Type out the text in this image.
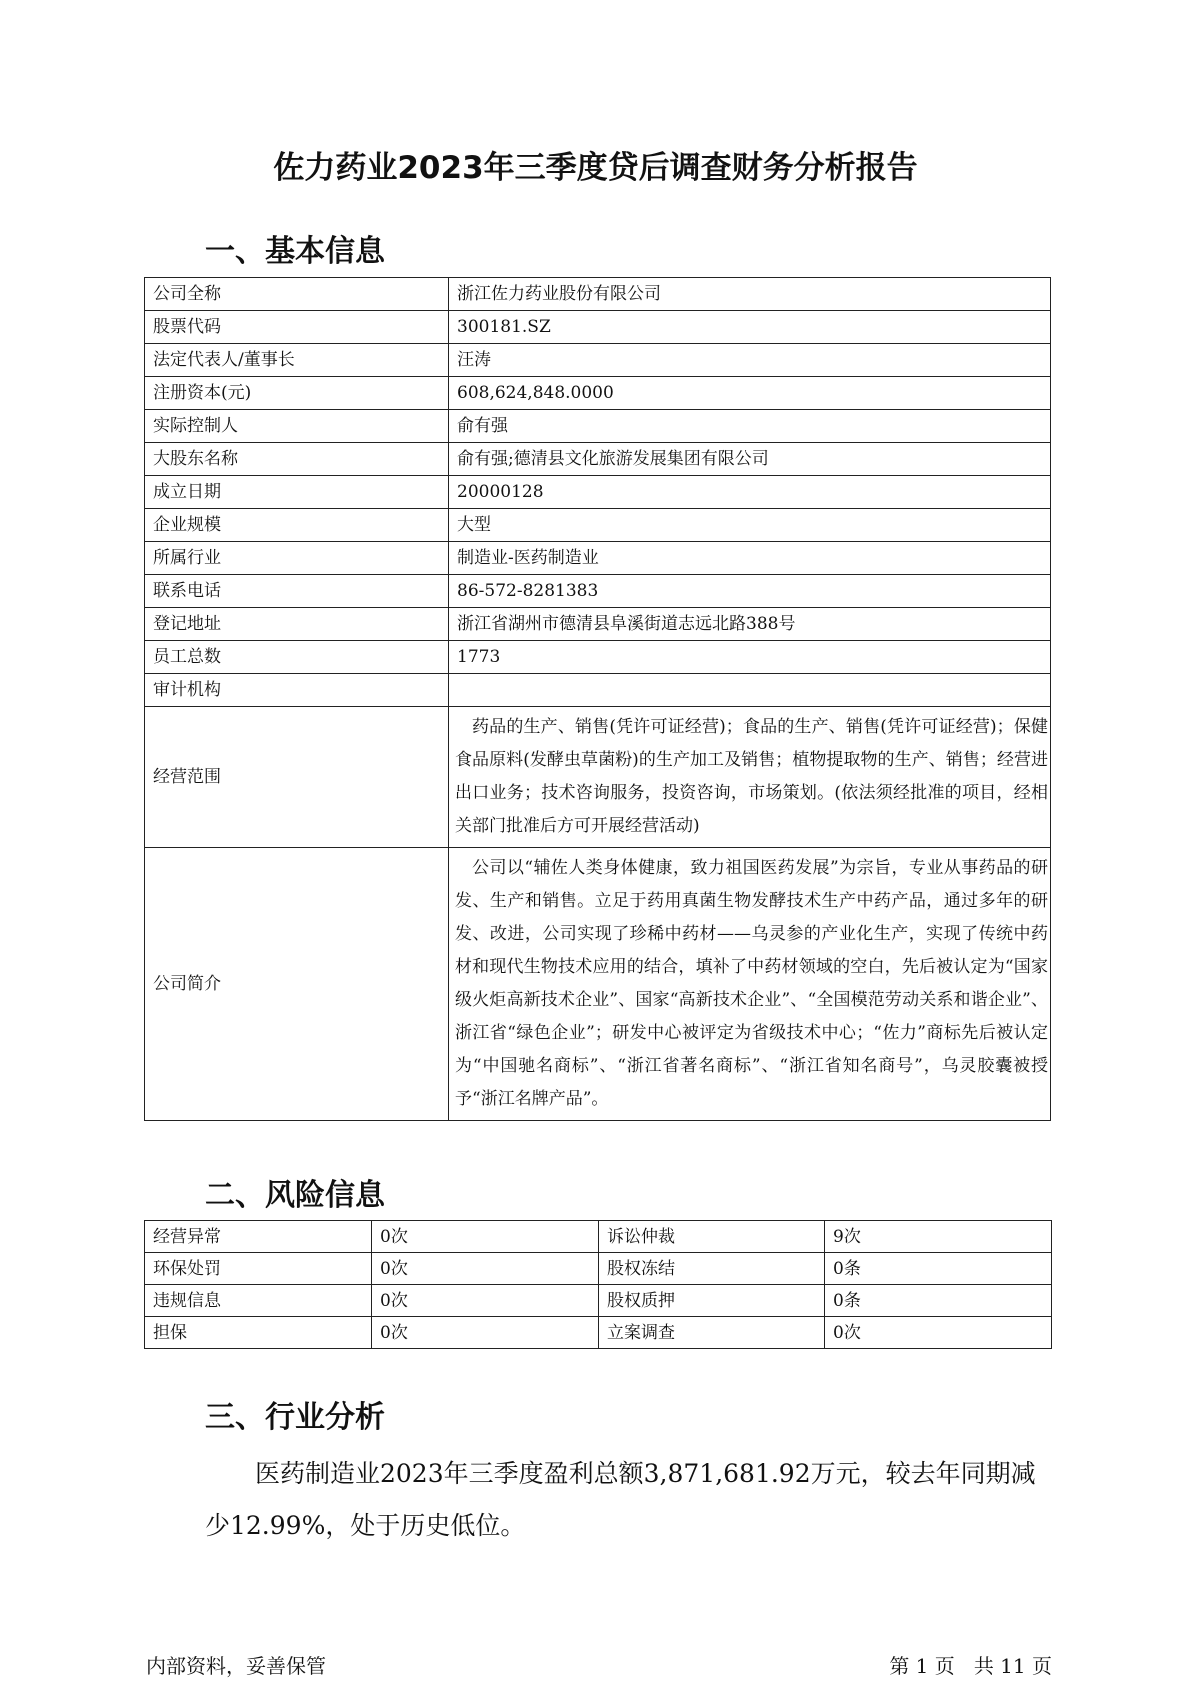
佐力药业2023年三季度贷后调查财务分析报告
一、基本信息
公司全称	浙江佐力药业股份有限公司
股票代码	300181.SZ
法定代表人/董事长	汪涛
注册资本(元)	608,624,848.0000
实际控制人	俞有强
大股东名称	俞有强;德清县文化旅游发展集团有限公司
成立日期	20000128
企业规模	大型
所属行业	制造业-医药制造业
联系电话	86-572-8281383
登记地址	浙江省湖州市德清县阜溪街道志远北路388号
员工总数	1773
审计机构	
经营范围	药品的生产、销售(凭许可证经营)；食品的生产、销售(凭许可证经营)；保健食品原料(发酵虫草菌粉)的生产加工及销售；植物提取物的生产、销售；经营进出口业务；技术咨询服务，投资咨询，市场策划。(依法须经批准的项目，经相关部门批准后方可开展经营活动)
公司简介	公司以“辅佐人类身体健康，致力祖国医药发展”为宗旨，专业从事药品的研发、生产和销售。立足于药用真菌生物发酵技术生产中药产品，通过多年的研发、改进，公司实现了珍稀中药材——乌灵参的产业化生产，实现了传统中药材和现代生物技术应用的结合，填补了中药材领域的空白，先后被认定为“国家级火炬高新技术企业”、国家“高新技术企业”、“全国模范劳动关系和谐企业”、浙江省“绿色企业”；研发中心被评定为省级技术中心；“佐力”商标先后被认定为“中国驰名商标”、“浙江省著名商标”、“浙江省知名商号”，乌灵胶囊被授予“浙江名牌产品”。
二、风险信息
经营异常	0次	诉讼仲裁	9次
环保处罚	0次	股权冻结	0条
违规信息	0次	股权质押	0条
担保	0次	立案调查	0次
三、行业分析
医药制造业2023年三季度盈利总额3,871,681.92万元，较去年同期减少12.99%，处于历史低位。
内部资料，妥善保管	第 1 页   共 11 页
